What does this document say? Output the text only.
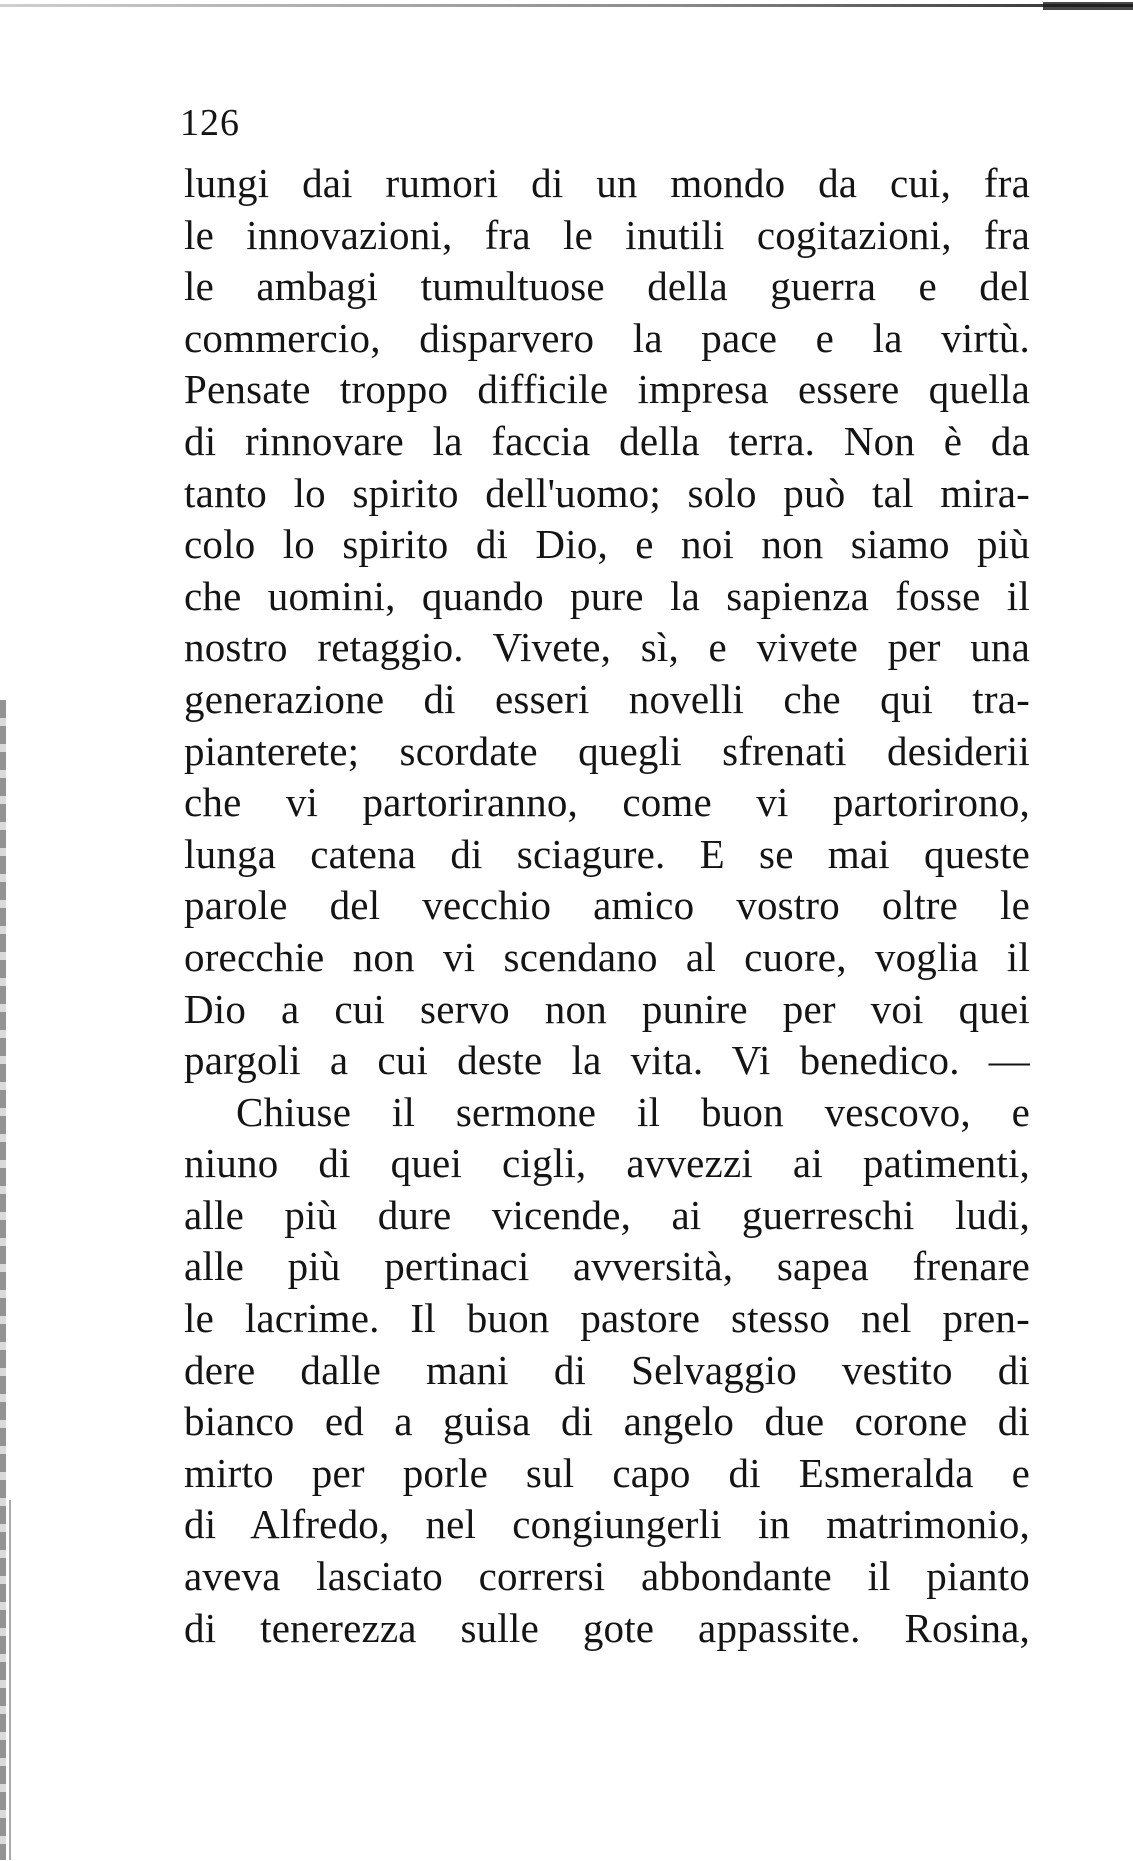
126
lungi dai rumori di un mondo da cui, fra
le innovazioni, fra le inutili cogitazioni, fra
le ambagi tumultuose della guerra e del
commercio, disparvero la pace e la virtù.
Pensate troppo difficile impresa essere quella
di rinnovare la faccia della terra. Non è da
tanto lo spirito dell'uomo; solo può tal mira-
colo lo spirito di Dio, e noi non siamo più
che uomini, quando pure la sapienza fosse il
nostro retaggio. Vivete, sì, e vivete per una
generazione di esseri novelli che qui tra-
pianterete; scordate quegli sfrenati desiderii
che vi partoriranno, come vi partorirono,
lunga catena di sciagure. E se mai queste
parole del vecchio amico vostro oltre le
orecchie non vi scendano al cuore, voglia il
Dio a cui servo non punire per voi quei
pargoli a cui deste la vita. Vi benedico. —
Chiuse il sermone il buon vescovo, e
niuno di quei cigli, avvezzi ai patimenti,
alle più dure vicende, ai guerreschi ludi,
alle più pertinaci avversità, sapea frenare
le lacrime. Il buon pastore stesso nel pren-
dere dalle mani di Selvaggio vestito di
bianco ed a guisa di angelo due corone di
mirto per porle sul capo di Esmeralda e
di Alfredo, nel congiungerli in matrimonio,
aveva lasciato corrersi abbondante il pianto
di tenerezza sulle gote appassite. Rosina,
